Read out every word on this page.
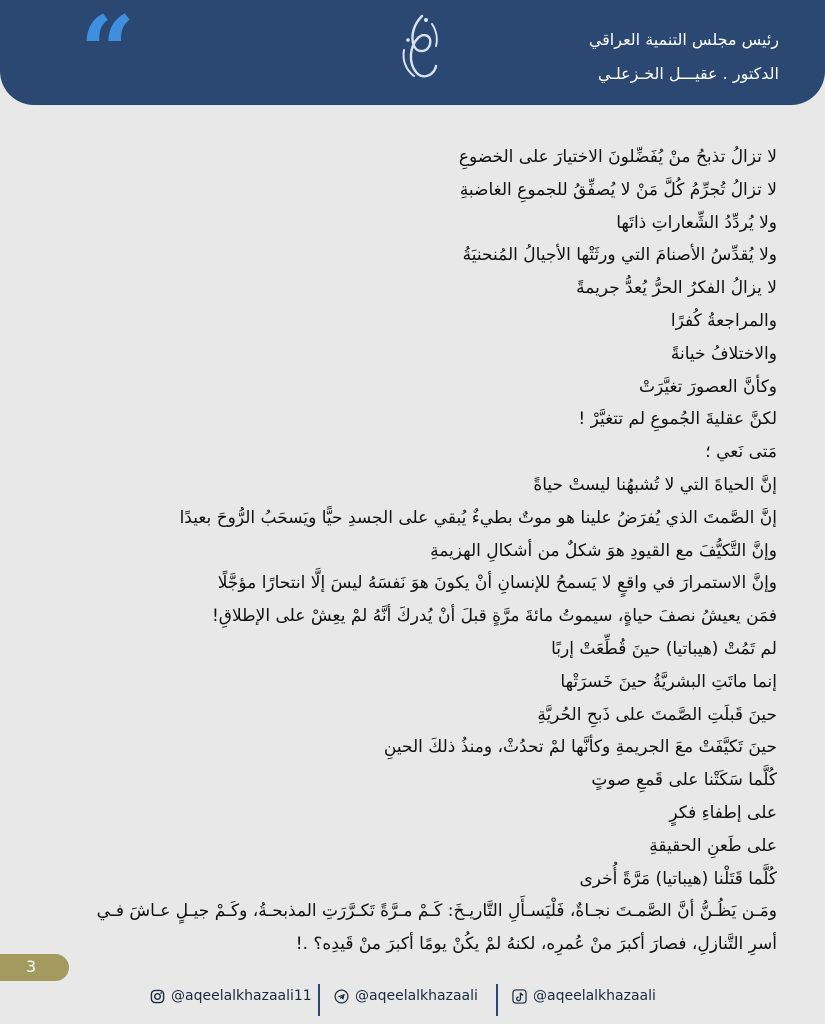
“	رئيس مجلس التنمية العراقي
الدكتور . عقيـــل الخـزعلـي
لا تزالُ تذبحُ منْ يُفَضِّلونَ الاختيارَ على الخضوعِ
لا تزالُ تُجرِّمُ كُلَّ مَنْ لا يُصفِّقُ للجموعِ الغاضبةِ
ولا يُردِّدُ الشِّعاراتِ ذاتَها
ولا يُقدِّسُ الأصنامَ التي ورثَتْها الأجيالُ المُنحنيَةُ
لا يزالُ الفكرُ الحرُّ يُعدُّ جريمةً
والمراجعةُ كُفرًا
والاختلافُ خيانةً
وكأنَّ العصورَ تغيَّرَتْ
لكنَّ عقليةَ الجُموعِ لم تتغيَّرْ !
مَتى نَعي ؛
إنَّ الحياةَ التي لا تُشبهُنا ليستْ حياةً
إنَّ الصَّمتَ الذي يُفرَضُ علينا هو موتٌ بطيءٌ يُبقي على الجسدِ حيًّا ويَسحَبُ الرُّوحَ بعيدًا
وإنَّ التَّكيُّفَ مع القيودِ هوَ شكلٌ من أشكالِ الهزيمةِ
وإنَّ الاستمرارَ في واقعٍ لا يَسمحُ للإنسانِ أنْ يكونَ هوَ نَفسَهُ ليسَ إلَّا انتحارًا مؤجَّلًا
فمَن يعيشُ نصفَ حياةٍ، سيموتُ مائةَ مرَّةٍ قبلَ أنْ يُدركَ أنَّهُ لمْ يعِشْ على الإطلاقِ!
لم تَمُتْ (هيباتيا) حينَ قُطِّعَتْ إربًا
إنما ماتَتِ البشريَّةُ حينَ خَسرَتْها
حينَ قَبلَتِ الصَّمتَ على ذَبحِ الحُريَّةِ
حينَ تَكيَّفَتْ معَ الجريمةِ وكأنَّها لمْ تحدُثْ، ومنذُ ذلكَ الحينِ
كُلَّما سَكَتْنا على قَمعِ صوتٍ
على إطفاءِ فكرٍ
على طَعنِ الحقيقةِ
كُلَّما قَتَلْنا (هيباتيا) مَرَّةً أُخرى
ومَـن يَظُـنُّ أنَّ الصَّمـتَ نجـاةٌ، فَلْيَسـأَلِ التَّاريـخَ: كَـمْ مـرَّةً تَكـرَّرَتِ المذبحـةُ، وكَـمْ جيـلٍ عـاشَ فـي
أسرِ التَّنازلِ، فصارَ أكبرَ منْ عُمرِه، لكنهُ لمْ يكُنْ يومًا أكبرَ منْ قَيدِه؟ .!
3
@aqeelalkhazaali11	@aqeelalkhazaali	@aqeelalkhazaali
